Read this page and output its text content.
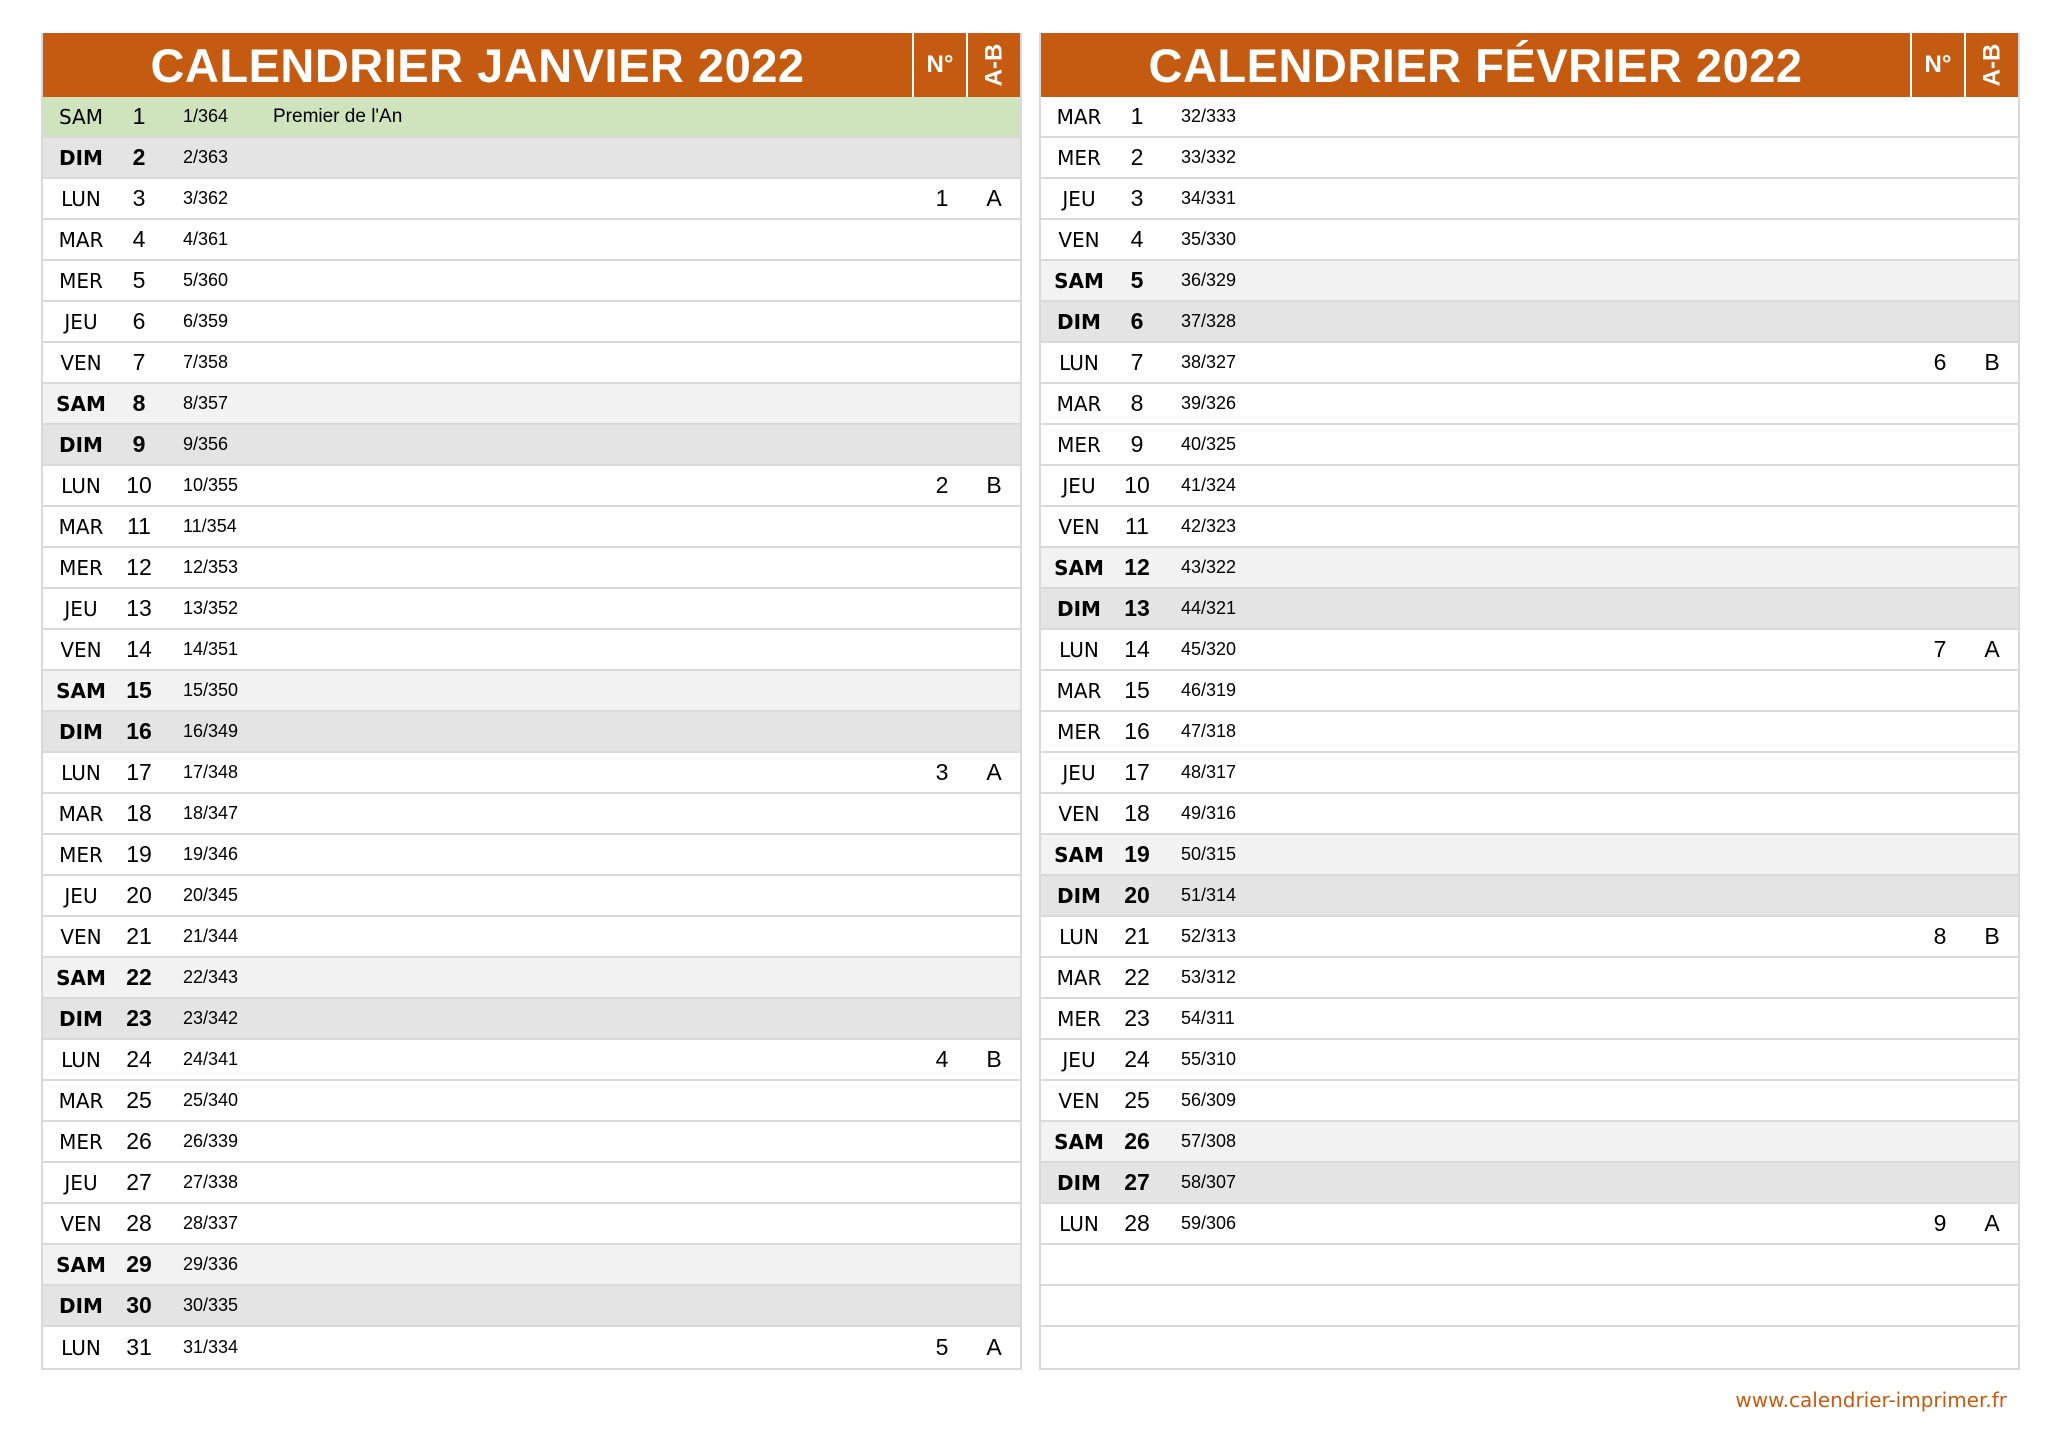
CALENDRIER JANVIER 2022	N°	A-B
SAM	1	1/364	Premier de l'An
DIM	2	2/363
LUN	3	3/362	1	A
MAR	4	4/361
MER	5	5/360
JEU	6	6/359
VEN	7	7/358
SAM	8	8/357
DIM	9	9/356
LUN	10	10/355	2	B
MAR	11	11/354
MER	12	12/353
JEU	13	13/352
VEN	14	14/351
SAM 15	15/350
DIM	16	16/349
LUN	17	17/348	3	A
MAR 18	18/347
MER	19	19/346
JEU	20	20/345
VEN	21	21/344
SAM 22	22/343
DIM	23	23/342
LUN	24	24/341	4	B
MAR 25	25/340
MER	26	26/339
JEU	27	27/338
VEN	28	28/337
SAM 29	29/336
DIM	30	30/335
LUN	31	31/334	5	A
CALENDRIER FÉVRIER 2022	N°	A-B
MAR	1	32/333
MER	2	33/332
JEU	3	34/331
VEN	4	35/330
SAM	5	36/329
DIM	6	37/328
LUN	7	38/327	6	B
MAR	8	39/326
MER	9	40/325
JEU	10	41/324
VEN	11	42/323
SAM 12	43/322
DIM	13	44/321
LUN	14	45/320	7	A
MAR 15	46/319
MER	16	47/318
JEU	17	48/317
VEN	18	49/316
SAM 19	50/315
DIM	20	51/314
LUN	21	52/313	8	B
MAR 22	53/312
MER	23	54/311
JEU	24	55/310
VEN	25	56/309
SAM 26	57/308
DIM	27	58/307
LUN	28	59/306	9	A
www.calendrier-imprimer.fr
